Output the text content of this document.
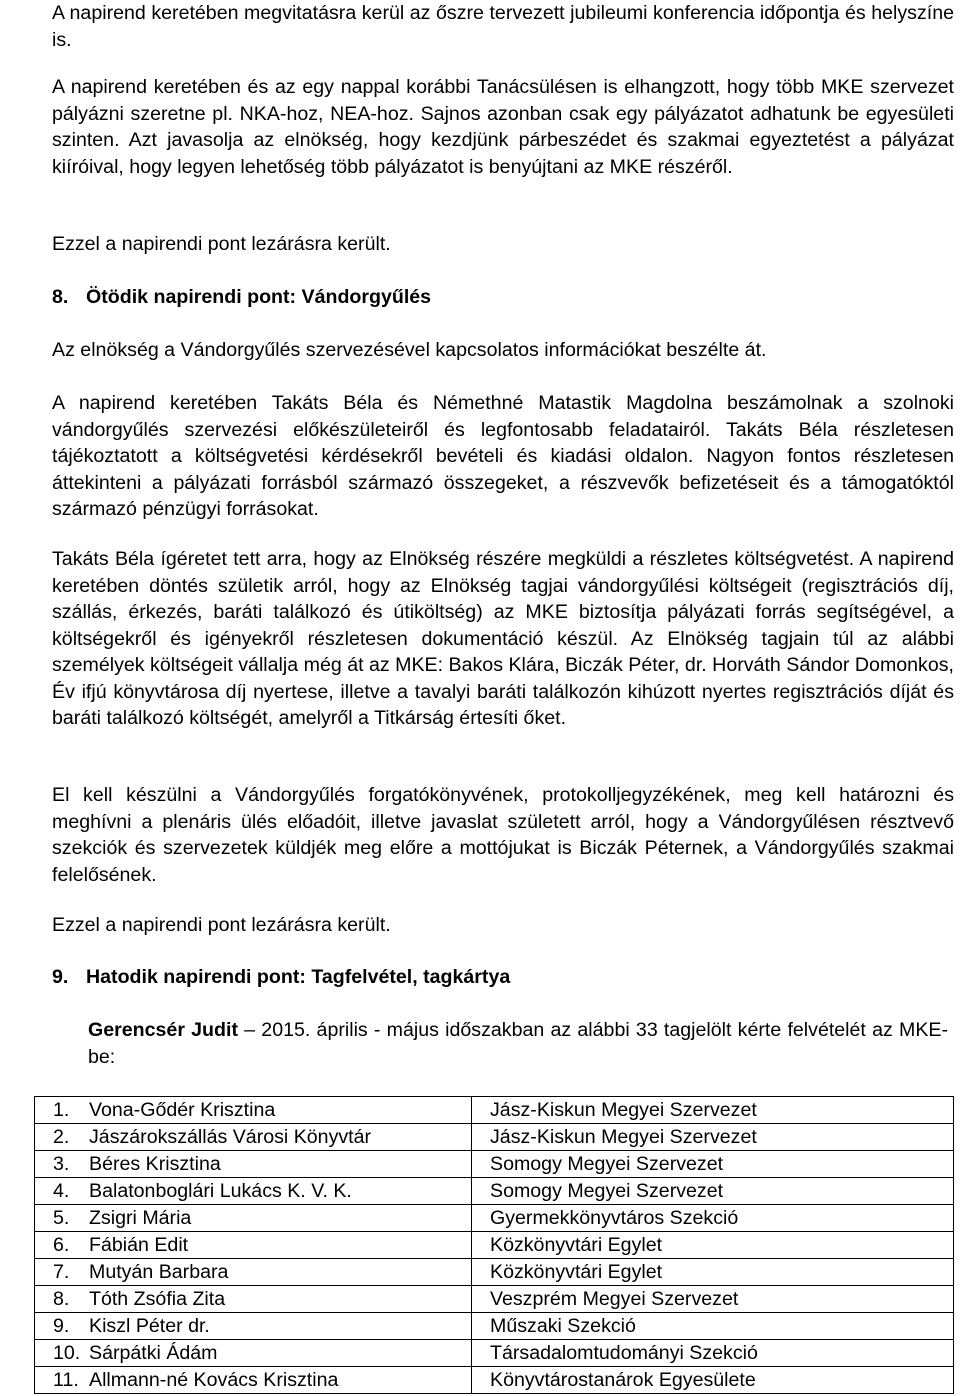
A napirend keretében megvitatásra kerül az őszre tervezett jubileumi konferencia időpontja és helyszíne is.

A napirend keretében és az egy nappal korábbi Tanácsülésen is elhangzott, hogy több MKE szervezet pályázni szeretne pl. NKA-hoz, NEA-hoz. Sajnos azonban csak egy pályázatot adhatunk be egyesületi szinten. Azt javasolja az elnökség, hogy kezdjünk párbeszédet és szakmai egyeztetést a pályázat kiíróival, hogy legyen lehetőség több pályázatot is benyújtani az MKE részéről.

Ezzel a napirendi pont lezárásra került.

8. Ötödik napirendi pont: Vándorgyűlés

Az elnökség a Vándorgyűlés szervezésével kapcsolatos információkat beszélte át.

A napirend keretében Takáts Béla és Némethné Matastik Magdolna beszámolnak a szolnoki vándorgyűlés szervezési előkészületeiről és legfontosabb feladatairól. Takáts Béla részletesen tájékoztatott a költségvetési kérdésekről bevételi és kiadási oldalon. Nagyon fontos részletesen áttekinteni a pályázati forrásból származó összegeket, a részvevők befizetéseit és a támogatóktól származó pénzügyi forrásokat.

Takáts Béla ígéretet tett arra, hogy az Elnökség részére megküldi a részletes költségvetést. A napirend keretében döntés születik arról, hogy az Elnökség tagjai vándorgyűlési költségeit (regisztrációs díj, szállás, érkezés, baráti találkozó és útiköltség) az MKE biztosítja pályázati forrás segítségével, a költségekről és igényekről részletesen dokumentáció készül. Az Elnökség tagjain túl az alábbi személyek költségeit vállalja még át az MKE: Bakos Klára, Biczák Péter, dr. Horváth Sándor Domonkos, Év ifjú könyvtárosa díj nyertese, illetve a tavalyi baráti találkozón kihúzott nyertes regisztrációs díját és baráti találkozó költségét, amelyről a Titkárság értesíti őket.

El kell készülni a Vándorgyűlés forgatókönyvének, protokolljegyzékének, meg kell határozni és meghívni a plenáris ülés előadóit, illetve javaslat született arról, hogy a Vándorgyűlésen résztvevő szekciók és szervezetek küldjék meg előre a mottójukat is Biczák Péternek, a Vándorgyűlés szakmai felelősének.

Ezzel a napirendi pont lezárásra került.

9. Hatodik napirendi pont: Tagfelvétel, tagkártya

Gerencsér Judit – 2015. április - május időszakban az alábbi 33 tagjelölt kérte felvételét az MKE-be:

1. Vona-Gődér Krisztina	Jász-Kiskun Megyei Szervezet
2. Jászárokszállás Városi Könyvtár	Jász-Kiskun Megyei Szervezet
3. Béres Krisztina	Somogy Megyei Szervezet
4. Balatonboglári Lukács K. V. K.	Somogy Megyei Szervezet
5. Zsigri Mária	Gyermekkönyvtáros Szekció
6. Fábián Edit	Közkönyvtári Egylet
7. Mutyán Barbara	Közkönyvtári Egylet
8. Tóth Zsófia Zita	Veszprém Megyei Szervezet
9. Kiszl Péter dr.	Műszaki Szekció
10. Sárpátki Ádám	Társadalomtudományi Szekció
11. Allmann-né Kovács Krisztina	Könyvtárostanárok Egyesülete
